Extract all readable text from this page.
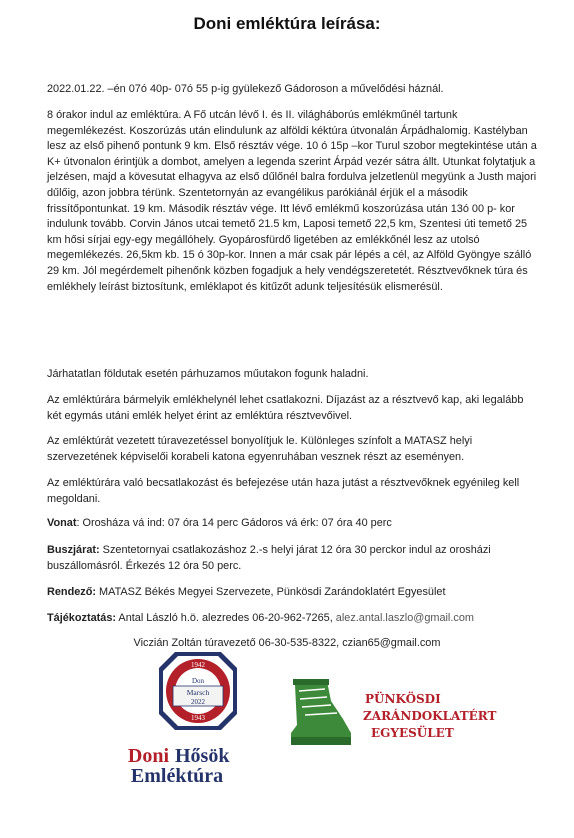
Doni emléktúra leírása:
2022.01.22. –én 07ó 40p- 07ó 55 p-ig gyülekező Gádoroson a művelődési háznál.
8 órakor indul az emléktúra. A Fő utcán lévő I. és II. világháborús emlékműnél tartunk megemlékezést. Koszorúzás után elindulunk az alföldi kéktúra útvonalán Árpádhalomig. Kastélyban lesz az első pihenő pontunk 9 km. Első résztáv vége. 10 ó 15p –kor Turul szobor megtekintése után a K+ útvonalon érintjük a dombot, amelyen a legenda szerint Árpád vezér sátra állt. Utunkat folytatjuk a jelzésen, majd a kövesutat elhagyva az első dűlőnél balra fordulva jelzetlenül megyünk a Justh majori dűlőig, azon jobbra térünk. Szentetornyán az evangélikus parókiánál érjük el a második frissítőpontunkat. 19 km. Második résztáv vége. Itt lévő emlékmű koszorúzása után 13ó 00 p- kor indulunk tovább. Corvin János utcai temető 21.5 km, Laposi temető 22,5 km, Szentesi úti temető 25 km hősi sírjai egy-egy megállóhely. Gyopárosfürdő ligetében az emlékkőnél lesz az utolsó megemlékezés. 26,5km kb. 15 ó 30p-kor. Innen a már csak pár lépés a cél, az Alföld Gyöngye szálló 29 km. Jól megérdemelt pihenőnk közben fogadjuk a hely vendégszeretetét. Résztvevőknek túra és emlékhely leírást biztosítunk, emléklapot és kitűzőt adunk teljesítésük elismerésül.
Járhatatlan földutak esetén párhuzamos műutakon fogunk haladni.
Az emléktúrára bármelyik emlékhelynél lehet csatlakozni. Díjazást az a résztvevő kap, aki legalább két egymás utáni emlék helyet érint az emléktúra résztvevőivel.
Az emléktúrát vezetett túravezetéssel bonyolítjuk le. Különleges színfolt a MATASZ helyi szervezetének képviselői korabeli katona egyenruhában vesznek részt az eseményen.
Az emléktúrára való becsatlakozást és befejezése után haza jutást a résztvevőknek egyénileg kell megoldani.
Vonat: Orosháza vá ind: 07 óra 14 perc Gádoros vá érk: 07 óra 40 perc
Buszjárat: Szentetornyai csatlakozáshoz 2.-s helyi járat 12 óra 30 perckor indul az orosházi buszállomásról. Érkezés 12 óra 50 perc.
Rendező: MATASZ Békés Megyei Szervezete, Pünkösdi Zarándoklatért Egyesület
Tájékoztatás: Antal László h.ö. alezredes 06-20-962-7265, alez.antal.laszlo@gmail.com
Viczián Zoltán túravezető 06-30-535-8322, czian65@gmail.com
1942
Don
Marsch
2022
1943
Doni Hősök
Emléktúra
PÜNKÖSDI
ZARÁNDOKLATÉRT
EGYESÜLET
